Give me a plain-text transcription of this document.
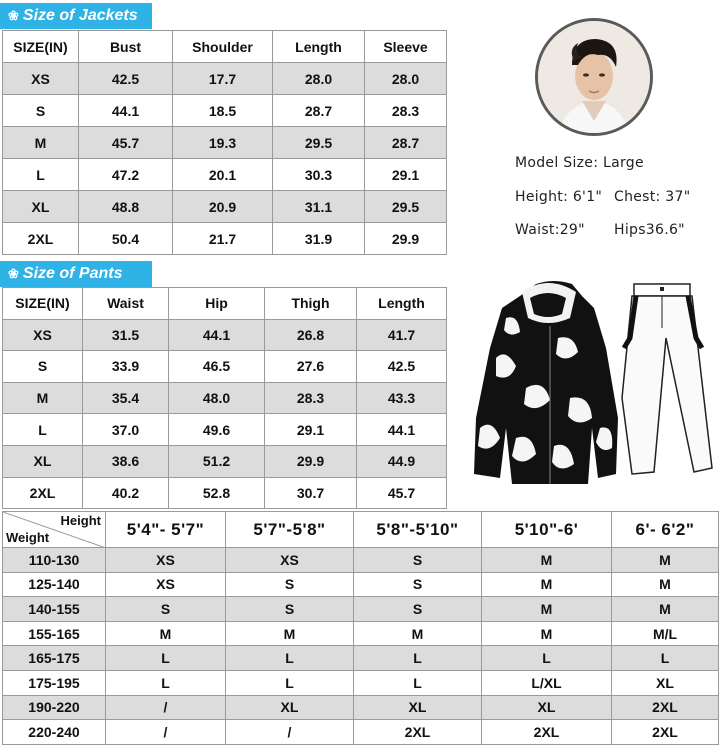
❀ Size of Jackets
SIZE(IN)	Bust	Shoulder	Length	Sleeve
XS	42.5	17.7	28.0	28.0
S	44.1	18.5	28.7	28.3
M	45.7	19.3	29.5	28.7
L	47.2	20.1	30.3	29.1
XL	48.8	20.9	31.1	29.5
2XL	50.4	21.7	31.9	29.9
❀ Size of Pants
SIZE(IN)	Waist	Hip	Thigh	Length
XS	31.5	44.1	26.8	41.7
S	33.9	46.5	27.6	42.5
M	35.4	48.0	28.3	43.3
L	37.0	49.6	29.1	44.1
XL	38.6	51.2	29.9	44.9
2XL	40.2	52.8	30.7	45.7
Model Size: Large
Height: 6'1" Chest: 37"
Waist:29" Hips36.6"
Height
Weight	5'4"- 5'7"	5'7"-5'8"	5'8"-5'10"	5'10"-6'	6'- 6'2"
110-130	XS	XS	S	M	M
125-140	XS	S	S	M	M
140-155	S	S	S	M	M
155-165	M	M	M	M	M/L
165-175	L	L	L	L	L
175-195	L	L	L	L/XL	XL
190-220	/	XL	XL	XL	2XL
220-240	/	/	2XL	2XL	2XL
